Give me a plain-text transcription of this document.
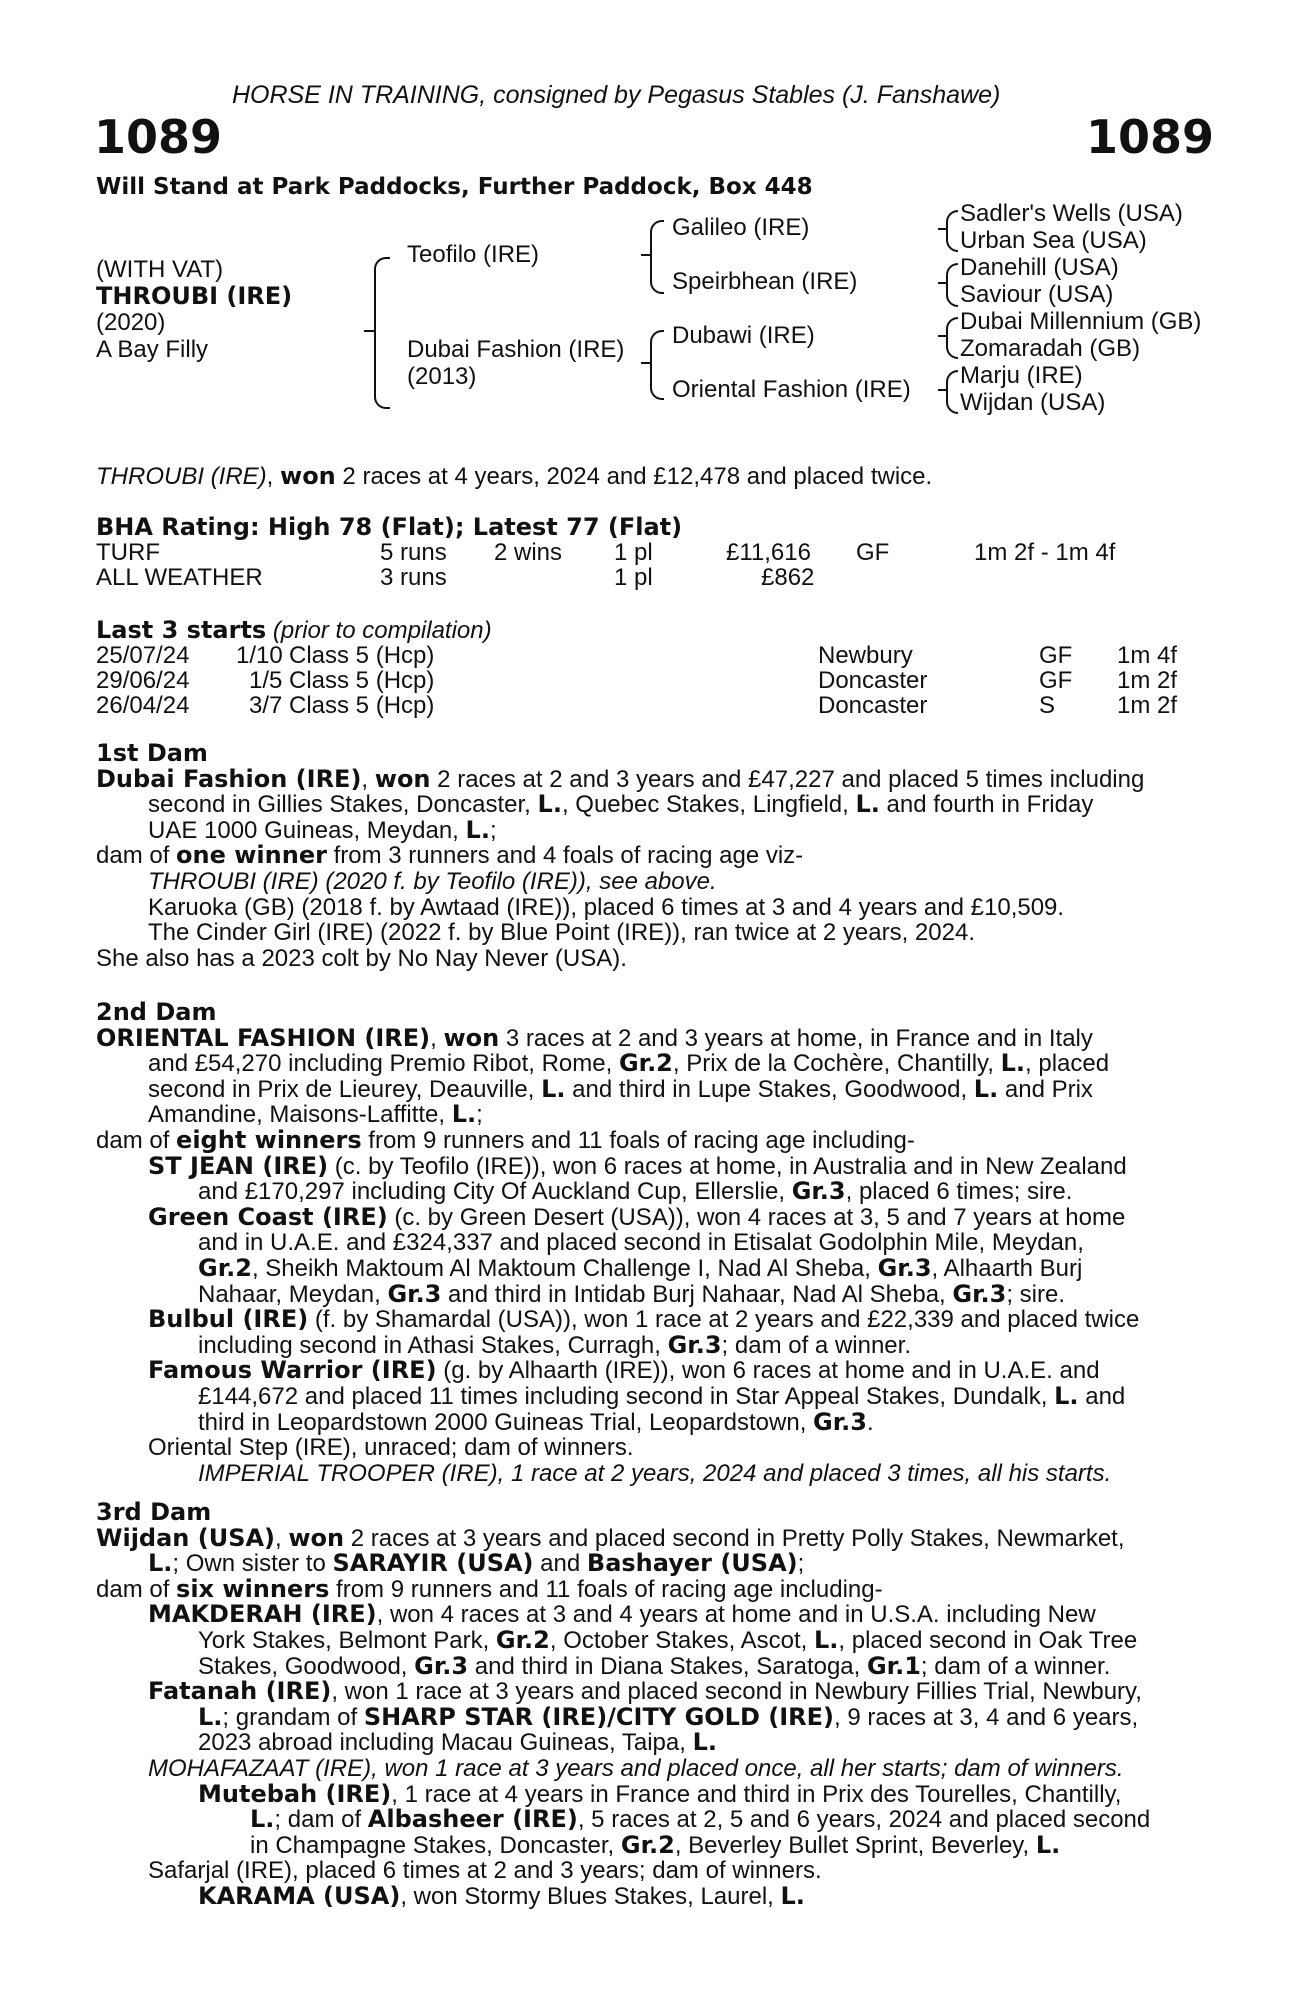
HORSE IN TRAINING, consigned by Pegasus Stables (J. Fanshawe)
1089	1089
Will Stand at Park Paddocks, Further Paddock, Box 448
(WITH VAT)
THROUBI (IRE)
(2020)
A Bay Filly
Teofilo (IRE)
Dubai Fashion (IRE)
(2013)
Galileo (IRE)
Speirbhean (IRE)
Dubawi (IRE)
Oriental Fashion (IRE)
Sadler's Wells (USA)
Urban Sea (USA)
Danehill (USA)
Saviour (USA)
Dubai Millennium (GB)
Zomaradah (GB)
Marju (IRE)
Wijdan (USA)
THROUBI (IRE), won 2 races at 4 years, 2024 and £12,478 and placed twice.
BHA Rating: High 78 (Flat); Latest 77 (Flat)
TURF	5 runs 2 wins 1 pl	£11,616 GF	1m 2f - 1m 4f
ALL WEATHER	3 runs	1 pl	£862
Last 3 starts (prior to compilation)
25/07/24 1/10 Class 5 (Hcp)	Newbury	GF 1m 4f
29/06/24 1/5 Class 5 (Hcp)	Doncaster	GF 1m 2f
26/04/24 3/7 Class 5 (Hcp)	Doncaster	S	1m 2f
1st Dam
Dubai Fashion (IRE), won 2 races at 2 and 3 years and £47,227 and placed 5 times including
second in Gillies Stakes, Doncaster, L., Quebec Stakes, Lingfield, L. and fourth in Friday
UAE 1000 Guineas, Meydan, L.;
dam of one winner from 3 runners and 4 foals of racing age viz-
THROUBI (IRE) (2020 f. by Teofilo (IRE)), see above.
Karuoka (GB) (2018 f. by Awtaad (IRE)), placed 6 times at 3 and 4 years and £10,509.
The Cinder Girl (IRE) (2022 f. by Blue Point (IRE)), ran twice at 2 years, 2024.
She also has a 2023 colt by No Nay Never (USA).
2nd Dam
ORIENTAL FASHION (IRE), won 3 races at 2 and 3 years at home, in France and in Italy
and £54,270 including Premio Ribot, Rome, Gr.2, Prix de la Cochère, Chantilly, L., placed
second in Prix de Lieurey, Deauville, L. and third in Lupe Stakes, Goodwood, L. and Prix
Amandine, Maisons-Laffitte, L.;
dam of eight winners from 9 runners and 11 foals of racing age including-
ST JEAN (IRE) (c. by Teofilo (IRE)), won 6 races at home, in Australia and in New Zealand
and £170,297 including City Of Auckland Cup, Ellerslie, Gr.3, placed 6 times; sire.
Green Coast (IRE) (c. by Green Desert (USA)), won 4 races at 3, 5 and 7 years at home
and in U.A.E. and £324,337 and placed second in Etisalat Godolphin Mile, Meydan,
Gr.2, Sheikh Maktoum Al Maktoum Challenge I, Nad Al Sheba, Gr.3, Alhaarth Burj
Nahaar, Meydan, Gr.3 and third in Intidab Burj Nahaar, Nad Al Sheba, Gr.3; sire.
Bulbul (IRE) (f. by Shamardal (USA)), won 1 race at 2 years and £22,339 and placed twice
including second in Athasi Stakes, Curragh, Gr.3; dam of a winner.
Famous Warrior (IRE) (g. by Alhaarth (IRE)), won 6 races at home and in U.A.E. and
£144,672 and placed 11 times including second in Star Appeal Stakes, Dundalk, L. and
third in Leopardstown 2000 Guineas Trial, Leopardstown, Gr.3.
Oriental Step (IRE), unraced; dam of winners.
IMPERIAL TROOPER (IRE), 1 race at 2 years, 2024 and placed 3 times, all his starts.
3rd Dam
Wijdan (USA), won 2 races at 3 years and placed second in Pretty Polly Stakes, Newmarket,
L.; Own sister to SARAYIR (USA) and Bashayer (USA);
dam of six winners from 9 runners and 11 foals of racing age including-
MAKDERAH (IRE), won 4 races at 3 and 4 years at home and in U.S.A. including New
York Stakes, Belmont Park, Gr.2, October Stakes, Ascot, L., placed second in Oak Tree
Stakes, Goodwood, Gr.3 and third in Diana Stakes, Saratoga, Gr.1; dam of a winner.
Fatanah (IRE), won 1 race at 3 years and placed second in Newbury Fillies Trial, Newbury,
L.; grandam of SHARP STAR (IRE)/CITY GOLD (IRE), 9 races at 3, 4 and 6 years,
2023 abroad including Macau Guineas, Taipa, L.
MOHAFAZAAT (IRE), won 1 race at 3 years and placed once, all her starts; dam of winners.
Mutebah (IRE), 1 race at 4 years in France and third in Prix des Tourelles, Chantilly,
L.; dam of Albasheer (IRE), 5 races at 2, 5 and 6 years, 2024 and placed second
in Champagne Stakes, Doncaster, Gr.2, Beverley Bullet Sprint, Beverley, L.
Safarjal (IRE), placed 6 times at 2 and 3 years; dam of winners.
KARAMA (USA), won Stormy Blues Stakes, Laurel, L.
